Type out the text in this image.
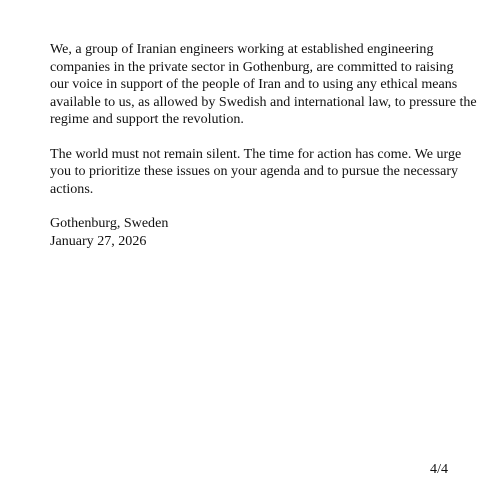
We, a group of Iranian engineers working at established engineering
companies in the private sector in Gothenburg, are committed to raising
our voice in support of the people of Iran and to using any ethical means
available to us, as allowed by Swedish and international law, to pressure the
regime and support the revolution.

The world must not remain silent. The time for action has come. We urge
you to prioritize these issues on your agenda and to pursue the necessary
actions.

Gothenburg, Sweden
January 27, 2026
4/4
